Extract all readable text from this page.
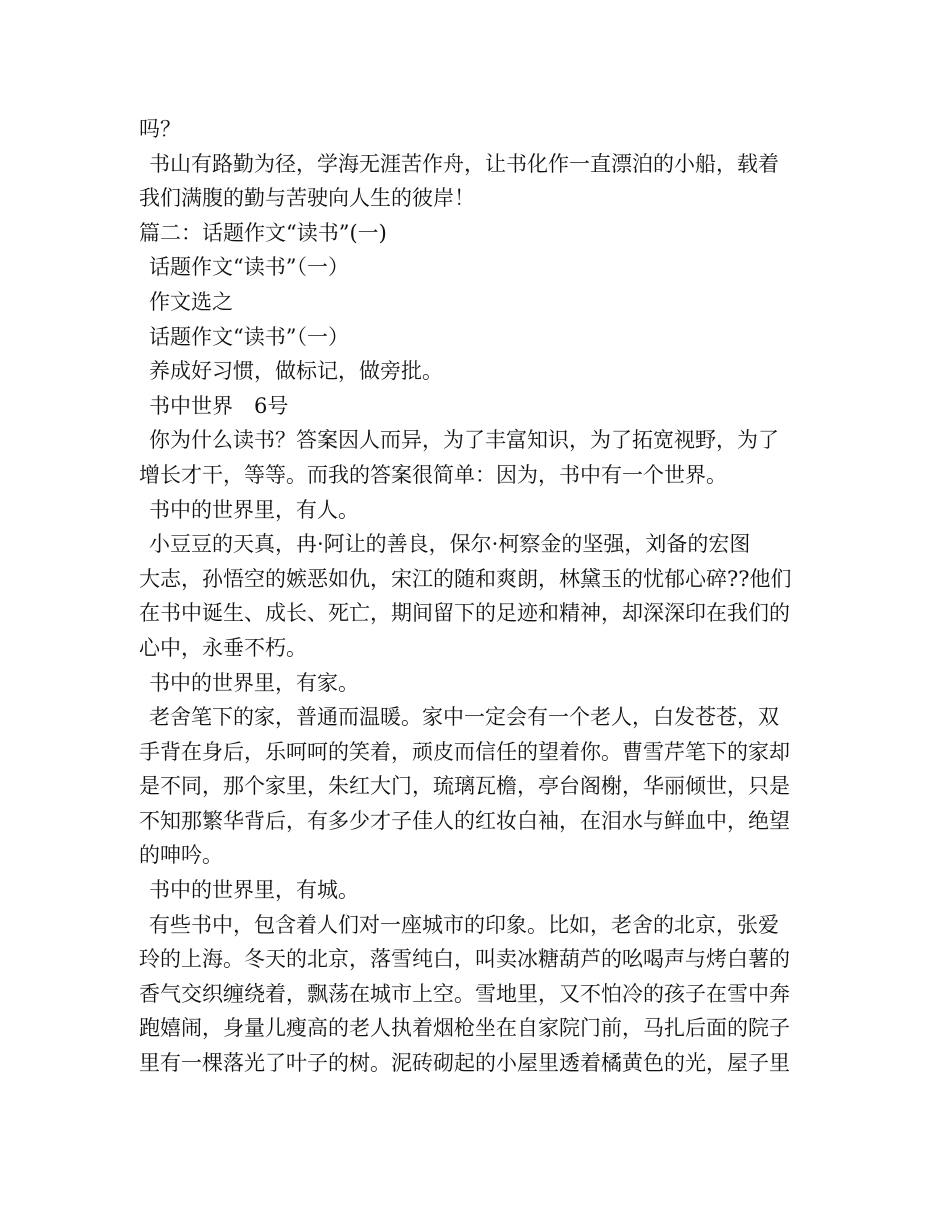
吗？
书山有路勤为径，学海无涯苦作舟，让书化作一直漂泊的小船，载着
我们满腹的勤与苦驶向人生的彼岸！
篇二：话题作文“读书”(一)
话题作文“读书”（一）
作文选之
话题作文“读书”（一）
养成好习惯，做标记，做旁批。
书中世界　6号
你为什么读书？答案因人而异，为了丰富知识，为了拓宽视野，为了
增长才干，等等。而我的答案很简单：因为，书中有一个世界。
书中的世界里，有人。
小豆豆的天真，冉·阿让的善良，保尔·柯察金的坚强，刘备的宏图
大志，孙悟空的嫉恶如仇，宋江的随和爽朗，林黛玉的忧郁心碎??他们
在书中诞生、成长、死亡，期间留下的足迹和精神，却深深印在我们的
心中，永垂不朽。
书中的世界里，有家。
老舍笔下的家，普通而温暖。家中一定会有一个老人，白发苍苍，双
手背在身后，乐呵呵的笑着，顽皮而信任的望着你。曹雪芹笔下的家却
是不同，那个家里，朱红大门，琉璃瓦檐，亭台阁榭，华丽倾世，只是
不知那繁华背后，有多少才子佳人的红妆白袖，在泪水与鲜血中，绝望
的呻吟。
书中的世界里，有城。
有些书中，包含着人们对一座城市的印象。比如，老舍的北京，张爱
玲的上海。冬天的北京，落雪纯白，叫卖冰糖葫芦的吆喝声与烤白薯的
香气交织缠绕着，飘荡在城市上空。雪地里，又不怕冷的孩子在雪中奔
跑嬉闹，身量儿瘦高的老人执着烟枪坐在自家院门前，马扎后面的院子
里有一棵落光了叶子的树。泥砖砌起的小屋里透着橘黄色的光，屋子里
